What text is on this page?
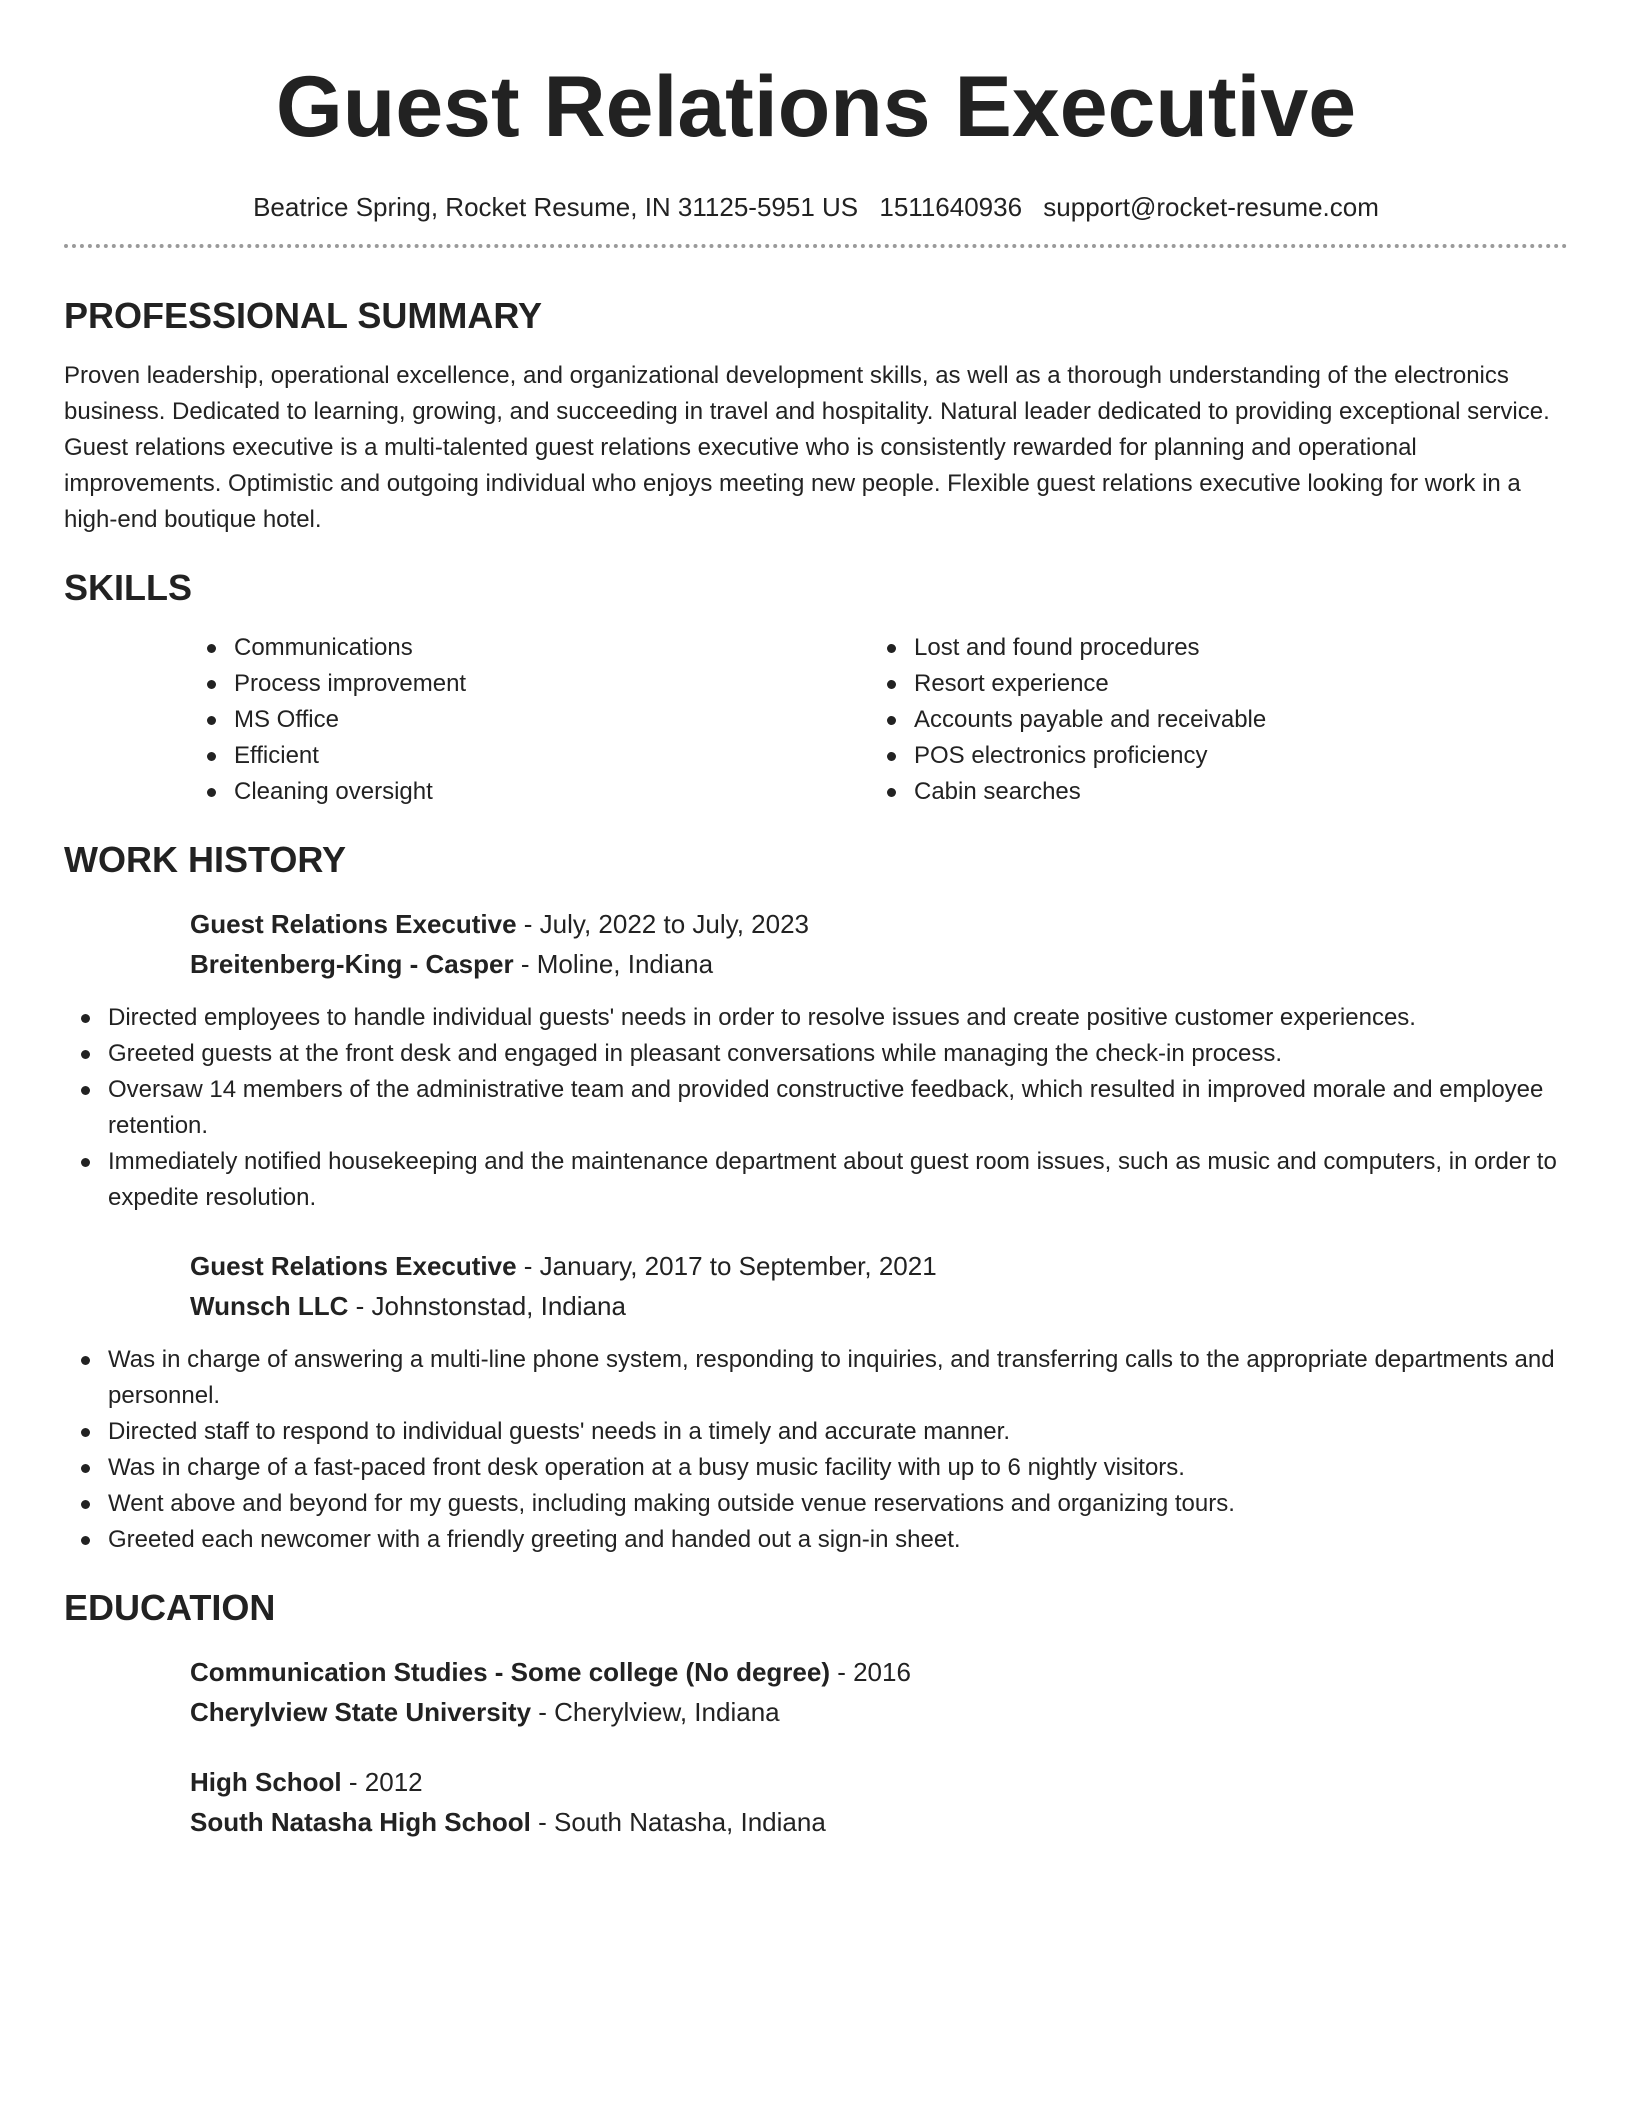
Guest Relations Executive
Beatrice Spring, Rocket Resume, IN 31125-5951 US 1511640936 support@rocket-resume.com
PROFESSIONAL SUMMARY

Proven leadership, operational excellence, and organizational development skills, as well as a thorough understanding of the electronics business. Dedicated to learning, growing, and succeeding in travel and hospitality. Natural leader dedicated to providing exceptional service. Guest relations executive is a multi-talented guest relations executive who is consistently rewarded for planning and operational improvements. Optimistic and outgoing individual who enjoys meeting new people. Flexible guest relations executive looking for work in a high-end boutique hotel.

SKILLS
Communications
Process improvement
MS Office
Efficient
Cleaning oversight
Lost and found procedures
Resort experience
Accounts payable and receivable
POS electronics proficiency
Cabin searches
WORK HISTORY
Guest Relations Executive - July, 2022 to July, 2023
Breitenberg-King - Casper - Moline, Indiana
Directed employees to handle individual guests' needs in order to resolve issues and create positive customer experiences.
Greeted guests at the front desk and engaged in pleasant conversations while managing the check-in process.
Oversaw 14 members of the administrative team and provided constructive feedback, which resulted in improved morale and employee retention.
Immediately notified housekeeping and the maintenance department about guest room issues, such as music and computers, in order to expedite resolution.
Guest Relations Executive - January, 2017 to September, 2021
Wunsch LLC - Johnstonstad, Indiana
Was in charge of answering a multi-line phone system, responding to inquiries, and transferring calls to the appropriate departments and personnel.
Directed staff to respond to individual guests' needs in a timely and accurate manner.
Was in charge of a fast-paced front desk operation at a busy music facility with up to 6 nightly visitors.
Went above and beyond for my guests, including making outside venue reservations and organizing tours.
Greeted each newcomer with a friendly greeting and handed out a sign-in sheet.
EDUCATION
Communication Studies - Some college (No degree) - 2016
Cherylview State University - Cherylview, Indiana
High School - 2012
South Natasha High School - South Natasha, Indiana
